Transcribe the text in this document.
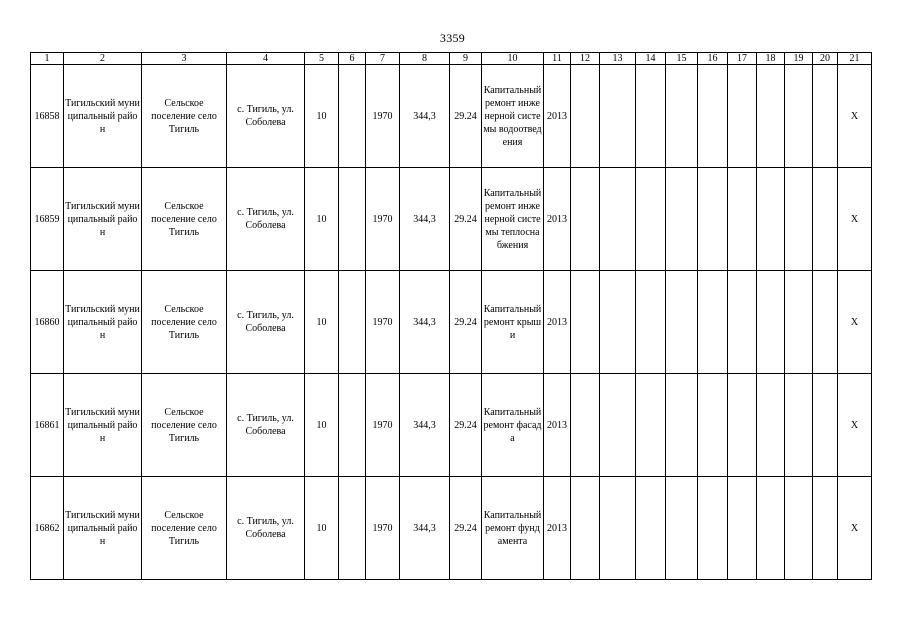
3359
1	2	3	4	5	6	7	8	9	10	11	12	13	14	15	16	17	18	19	20	21
16858	Тигильский муниципальный район	Сельское поселение село Тигиль	с. Тигиль, ул. Соболева	10		1970	344,3	29.24	Капитальный ремонт инженерной системы водоотведения	2013										X
16859	Тигильский муниципальный район	Сельское поселение село Тигиль	с. Тигиль, ул. Соболева	10		1970	344,3	29.24	Капитальный ремонт инженерной системы теплоснабжения	2013										X
16860	Тигильский муниципальный район	Сельское поселение село Тигиль	с. Тигиль, ул. Соболева	10		1970	344,3	29.24	Капитальный ремонт крыши	2013										X
16861	Тигильский муниципальный район	Сельское поселение село Тигиль	с. Тигиль, ул. Соболева	10		1970	344,3	29.24	Капитальный ремонт фасада	2013										X
16862	Тигильский муниципальный район	Сельское поселение село Тигиль	с. Тигиль, ул. Соболева	10		1970	344,3	29.24	Капитальный ремонт фундамента	2013										X
